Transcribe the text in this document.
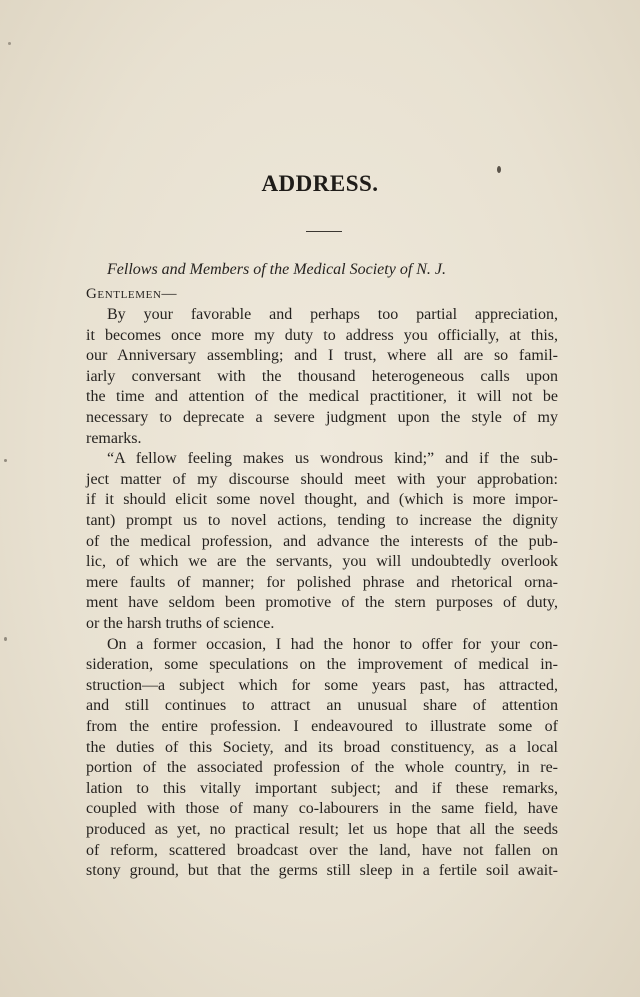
ADDRESS.

Fellows and Members of the Medical Society of N. J.

Gentlemen—

By your favorable and perhaps too partial appreciation,

it becomes once more my duty to address you officially, at this,

our Anniversary assembling; and I trust, where all are so famil-

iarly conversant with the thousand heterogeneous calls upon

the time and attention of the medical practitioner, it will not be

necessary to deprecate a severe judgment upon the style of my

remarks.

“A fellow feeling makes us wondrous kind;” and if the sub-

ject matter of my discourse should meet with your approbation:

if it should elicit some novel thought, and (which is more impor-

tant) prompt us to novel actions, tending to increase the dignity

of the medical profession, and advance the interests of the pub-

lic, of which we are the servants, you will undoubtedly overlook

mere faults of manner; for polished phrase and rhetorical orna-

ment have seldom been promotive of the stern purposes of duty,

or the harsh truths of science.

On a former occasion, I had the honor to offer for your con-

sideration, some speculations on the improvement of medical in-

struction—a subject which for some years past, has attracted,

and still continues to attract an unusual share of attention

from the entire profession. I endeavoured to illustrate some of

the duties of this Society, and its broad constituency, as a local

portion of the associated profession of the whole country, in re-

lation to this vitally important subject; and if these remarks,

coupled with those of many co-labourers in the same field, have

produced as yet, no practical result; let us hope that all the seeds

of reform, scattered broadcast over the land, have not fallen on

stony ground, but that the germs still sleep in a fertile soil await-
